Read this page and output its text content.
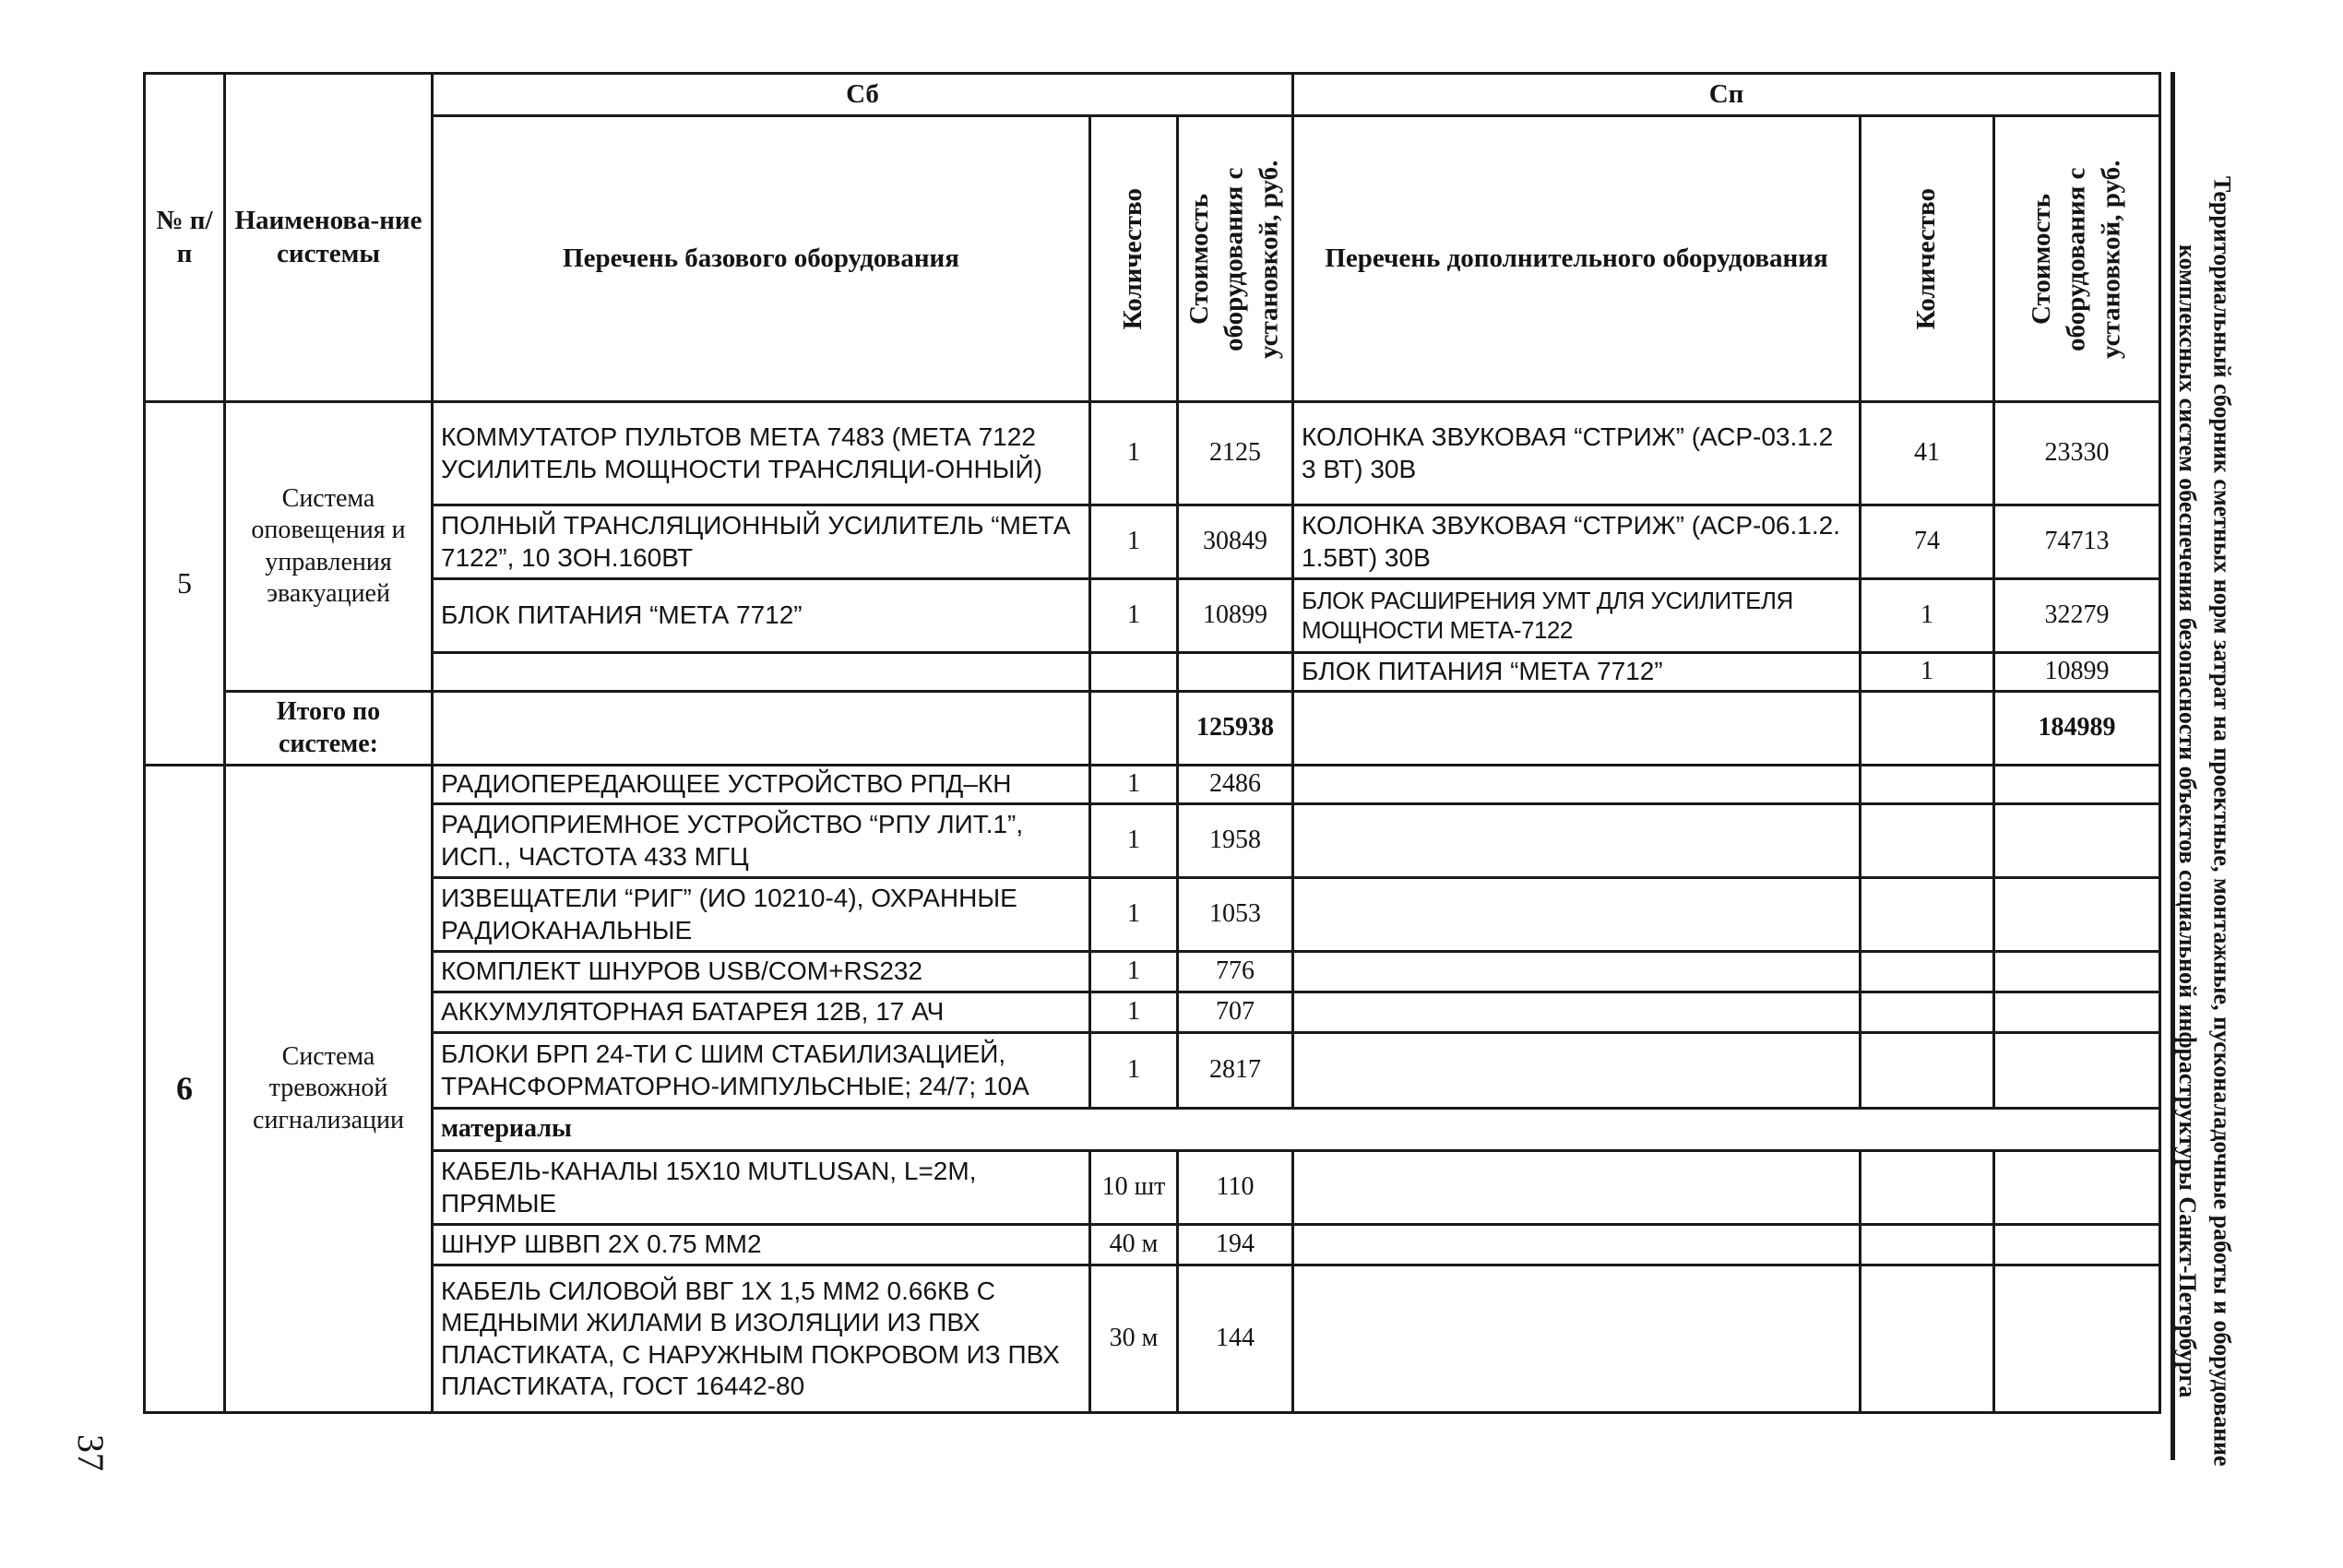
№ п/п	Наименова-ние системы	Сб			Сп		
		Перечень базового оборудования	Количество	Стоимость оборудования с установкой, руб.	Перечень дополнительного оборудования	Количество	Стоимость оборудования с установкой, руб.

5	Система оповещения и управления эвакуацией	КОММУТАТОР ПУЛЬТОВ МЕТА 7483 (МЕТА 7122 УСИЛИТЕЛЬ МОЩНОСТИ ТРАНСЛЯЦИ-ОННЫЙ)	1	2125	КОЛОНКА ЗВУКОВАЯ “СТРИЖ” (АСР-03.1.2 3 ВТ) 30В	41	23330
		ПОЛНЫЙ ТРАНСЛЯЦИОННЫЙ УСИЛИТЕЛЬ “МЕТА 7122”, 10 ЗОН.160ВТ	1	30849	КОЛОНКА ЗВУКОВАЯ “СТРИЖ” (АСР-06.1.2. 1.5ВТ) 30В	74	74713
		БЛОК ПИТАНИЯ “МЕТА 7712”	1	10899	БЛОК РАСШИРЕНИЯ УМТ ДЛЯ УСИЛИТЕЛЯ МОЩНОСТИ МЕТА-7122	1	32279
					БЛОК ПИТАНИЯ “МЕТА 7712”	1	10899
	Итого по системе:			125938			184989
6	Система тревожной сигнализации	РАДИОПЕРЕДАЮЩЕЕ УСТРОЙСТВО РПД–КН	1	2486			
		РАДИОПРИЕМНОЕ УСТРОЙСТВО “РПУ ЛИТ.1”, ИСП., ЧАСТОТА 433 МГЦ	1	1958			
		ИЗВЕЩАТЕЛИ “РИГ” (ИО 10210-4), ОХРАННЫЕ РАДИОКАНАЛЬНЫЕ	1	1053			
		КОМПЛЕКТ ШНУРОВ USB/COM+RS232	1	776			
		АККУМУЛЯТОРНАЯ БАТАРЕЯ 12В, 17 АЧ	1	707			
		БЛОКИ БРП 24-ТИ С ШИМ СТАБИЛИЗАЦИЕЙ, ТРАНСФОРМАТОРНО-ИМПУЛЬСНЫЕ; 24/7; 10А	1	2817			
		материалы					
		КАБЕЛЬ-КАНАЛЫ 15Х10 MUTLUSAN, L=2М, ПРЯМЫЕ	10 шт	110			
		ШНУР ШВВП 2Х 0.75 ММ2	40 м	194			
		КАБЕЛЬ СИЛОВОЙ ВВГ 1Х 1,5 ММ2 0.66КВ С МЕДНЫМИ ЖИЛАМИ В ИЗОЛЯЦИИ ИЗ ПВХ ПЛАСТИКАТА, С НАРУЖНЫМ ПОКРОВОМ ИЗ ПВХ ПЛАСТИКАТА, ГОСТ 16442-80	30 м	144				Территориальный сборник сметных норм затрат на проектные, монтажные, пусконаладочные работы и оборудование
комплексных систем обеспечения безопасности объектов социальной инфраструктуры Санкт-Петербурга
37
